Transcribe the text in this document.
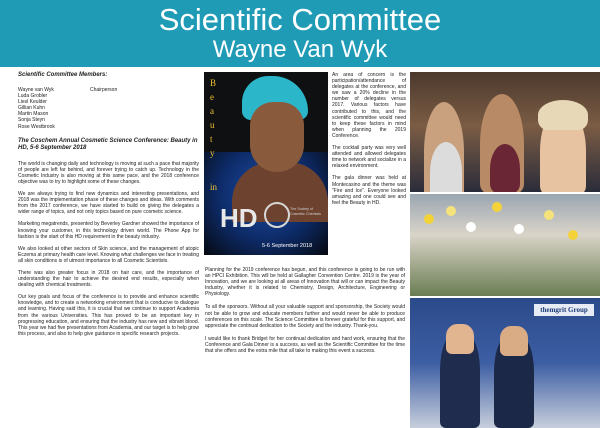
Scientific Committee
Wayne Van Wyk
Scientific Committee Members:
Wayne van Wyk	Chairperson
Luda Grobler
Liesl Keulder
Gillian Kuhn
Martin Mason
Sonja Steyn
Rose Westbrook
The Coschem Annual Cosmetic Science Conference: Beauty in HD, 5-6 September 2018

The world is changing daily and technology is moving at such a pace that majority of people are left far behind, and forever trying to catch up. Technology in the Cosmetic Industry is also moving at this same pace, and the 2018 conference objective was to try to highlight some of these changes.

We are always trying to find new dynamics and interesting presentations, and 2018 was the implementation phase of these changes and ideas. With comments from the 2017 conference, we have started to build on giving the delegates a wider range of topics, and not only topics based on pure cosmetic science.

Marketing megatrends, presented by Beverley Gardner showed the importance of knowing your customer, in this technology driven world. The Phone App for fashion is the start of this HD requirement in the beauty industry.

We also looked at other sectors of Skin science, and the management of atopic Eczema at primary health care level. Knowing what challenges we face in treating all skin conditions is of utmost importance to all Cosmetic Scientists.

There was also greater focus in 2018 on hair care, and the importance of understanding the hair to achieve the desired end results, especially when dealing with chemical treatments.

Our key goals and focus of the conference is to provide and enhance scientific knowledge, and to create a networking environment that is conducive to dialogue and learning. Having said this, it is crucial that we continue to support Academia from the various Universities. This has proved to be an important key in progressing education, and ensuring that the industry has new and vibrant blood. This year we had five presentations from Academia, and our target is to help grow this process, and also to help give guidance in specific research projects.

B
e
a
u
t
y
in
HD	The Society of Cosmetic Chemists
5-6 September 2018

An area of concern is the participation/attendance of delegates at the conference, and we saw a 20% decline in the number of delegates versus 2017. Various factors have contributed to this, and the scientific committee would need to keep these factors in mind when planning the 2019 Conference.

The cocktail party was very well attended and allowed delegates time to network and socialize in a relaxed environment.

The gala dinner was held at Montecasino and the theme was "Fire and Ice". Everyone looked amazing and one could see and feel the Beauty in HD.

Planning for the 2019 conference has begun, and this conference is going to be run with an HPCI Exhibition. This will be held at Gallagher Convention Centre. 2019 is the year of Innovation, and we are looking at all areas of Innovation that will or can impact the Beauty Industry, whether it is related to Chemistry, Design, Architecture, Engineering or Physiology.

To all the sponsors. Without all your valuable support and sponsorship, the Society would not be able to grow and educate members further and would never be able to produce conferences on this scale. The Science Committee is forever grateful for this support, and appreciate the continual dedication to the Society and the industry. Thank-you.

I would like to thank Bridget for her continual dedication and hard work, ensuring that the Conference and Gala Dinner is a success, as well as the Scientific Committee for the time that she offers and the extra mile that all take to making this event a success.

themgrit Group
